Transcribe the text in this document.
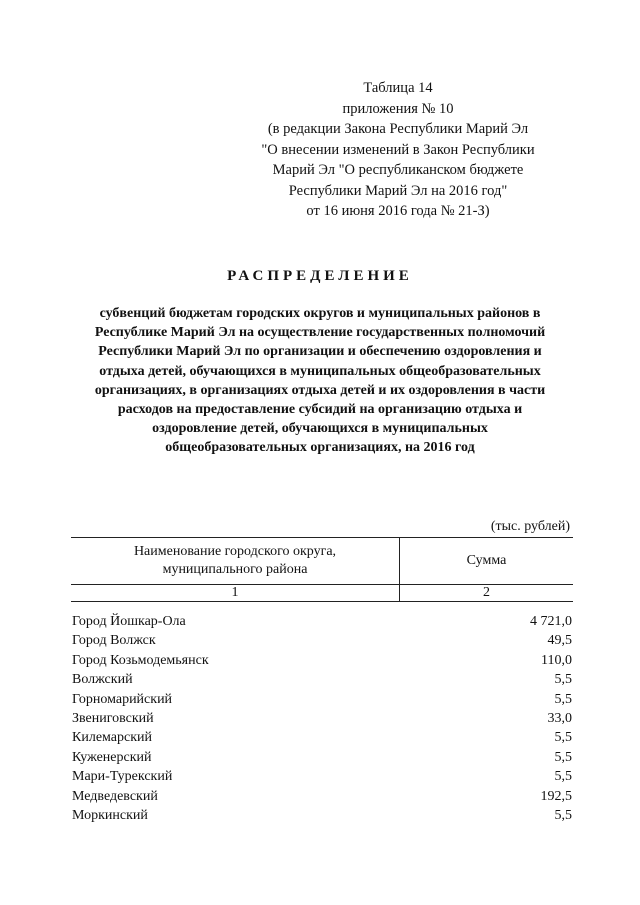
Таблица 14
приложения № 10
(в редакции Закона Республики Марий Эл
"О внесении изменений в Закон Республики
Марий Эл "О республиканском бюджете
Республики Марий Эл на 2016 год"
от 16 июня 2016 года № 21-З)
РАСПРЕДЕЛЕНИЕ
субвенций бюджетам городских округов и муниципальных районов в
Республике Марий Эл на осуществление государственных полномочий
Республики Марий Эл по организации и обеспечению оздоровления и
отдыха детей, обучающихся в муниципальных общеобразовательных
организациях, в организациях отдыха детей и их оздоровления в части
расходов на предоставление субсидий на организацию отдыха и
оздоровление детей, обучающихся в муниципальных
общеобразовательных организациях, на 2016 год
(тыс. рублей)
Наименование городского округа,
муниципального района	Сумма
1	2
Город Йошкар-Ола	4 721,0
Город Волжск	49,5
Город Козьмодемьянск	110,0
Волжский	5,5
Горномарийский	5,5
Звениговский	33,0
Килемарский	5,5
Куженерский	5,5
Мари-Турекский	5,5
Медведевский	192,5
Моркинский	5,5
